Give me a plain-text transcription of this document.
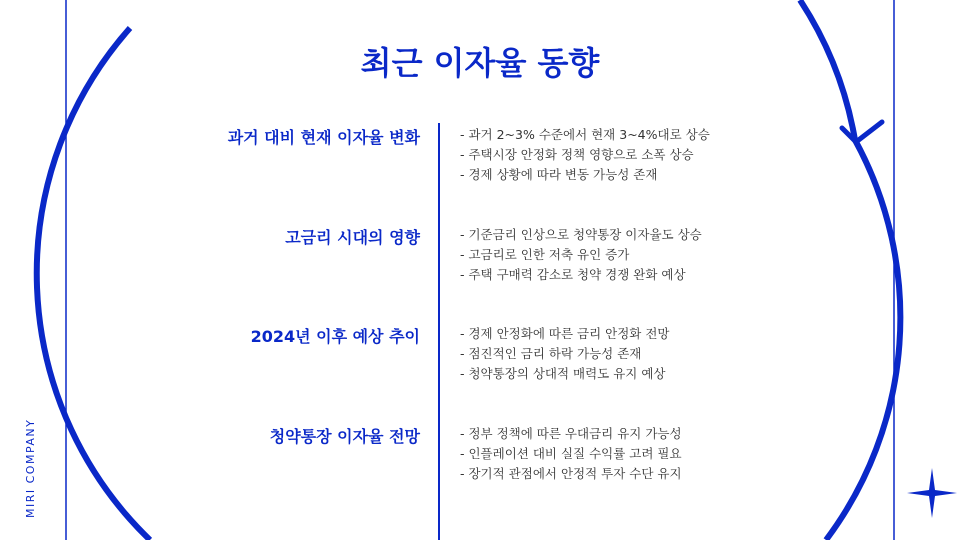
최근 이자율 동향
과거 대비 현재 이자율 변화	- 과거 2~3% 수준에서 현재 3~4%대로 상승
- 주택시장 안정화 정책 영향으로 소폭 상승
- 경제 상황에 따라 변동 가능성 존재
고금리 시대의 영향	- 기준금리 인상으로 청약통장 이자율도 상승
- 고금리로 인한 저축 유인 증가
- 주택 구매력 감소로 청약 경쟁 완화 예상
2024년 이후 예상 추이	- 경제 안정화에 따른 금리 안정화 전망
- 점진적인 금리 하락 가능성 존재
- 청약통장의 상대적 매력도 유지 예상
청약통장 이자율 전망	- 정부 정책에 따른 우대금리 유지 가능성
- 인플레이션 대비 실질 수익률 고려 필요
- 장기적 관점에서 안정적 투자 수단 유지
MIRI COMPANY
